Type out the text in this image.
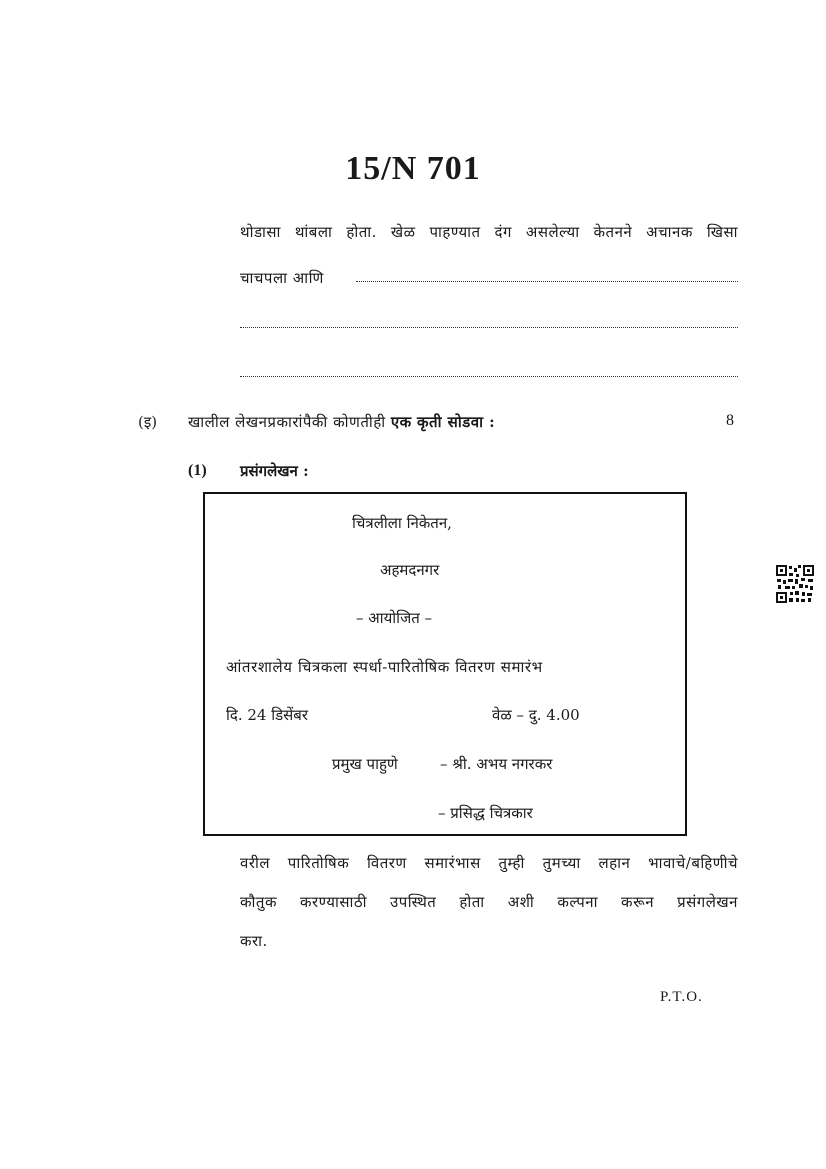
15/N 701
थोडासा थांबला होता. खेळ पाहण्यात दंग असलेल्या केतनने अचानक खिसा
चाचपला आणि
(इ) खालील लेखनप्रकारांपैकी कोणतीही एक कृती सोडवा :	8
(1) प्रसंगलेखन :
चित्रलीला निकेतन,
अहमदनगर
– आयोजित –
आंतरशालेय चित्रकला स्पर्धा-पारितोषिक वितरण समारंभ
दि. 24 डिसेंबर	वेळ – दु. 4.00
प्रमुख पाहुणे	– श्री. अभय नगरकर
– प्रसिद्ध चित्रकार
वरील पारितोषिक वितरण समारंभास तुम्ही तुमच्या लहान भावाचे/बहिणीचे
कौतुक करण्यासाठी उपस्थित होता अशी कल्पना करून प्रसंगलेखन
करा.
P.T.O.
